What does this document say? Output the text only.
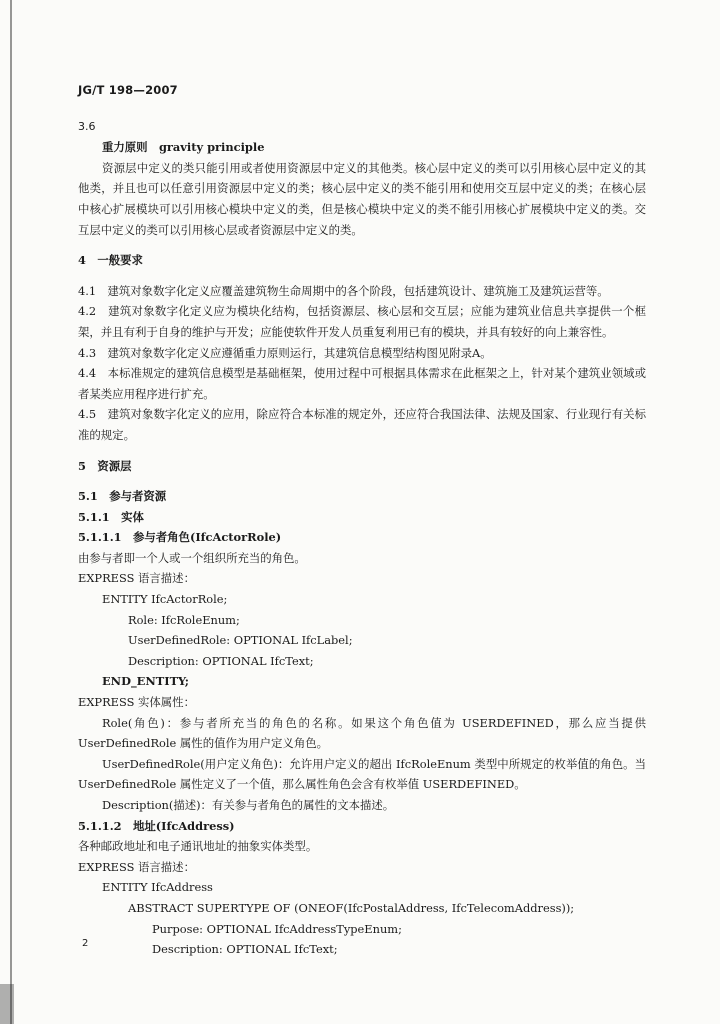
JG/T 198—2007

3.6

重力原则　gravity principle

资源层中定义的类只能引用或者使用资源层中定义的其他类。核心层中定义的类可以引用核心层中定义的其他类，并且也可以任意引用资源层中定义的类；核心层中定义的类不能引用和使用交互层中定义的类；在核心层中核心扩展模块可以引用核心模块中定义的类，但是核心模块中定义的类不能引用核心扩展模块中定义的类。交互层中定义的类可以引用核心层或者资源层中定义的类。

4　一般要求

4.1　建筑对象数字化定义应覆盖建筑物生命周期中的各个阶段，包括建筑设计、建筑施工及建筑运营等。

4.2　建筑对象数字化定义应为模块化结构，包括资源层、核心层和交互层；应能为建筑业信息共享提供一个框架，并且有利于自身的维护与开发；应能使软件开发人员重复利用已有的模块，并具有较好的向上兼容性。

4.3　建筑对象数字化定义应遵循重力原则运行，其建筑信息模型结构图见附录A。

4.4　本标准规定的建筑信息模型是基础框架，使用过程中可根据具体需求在此框架之上，针对某个建筑业领域或者某类应用程序进行扩充。

4.5　建筑对象数字化定义的应用，除应符合本标准的规定外，还应符合我国法律、法规及国家、行业现行有关标准的规定。

5　资源层

5.1　参与者资源

5.1.1　实体

5.1.1.1　参与者角色(IfcActorRole)

由参与者即一个人或一个组织所充当的角色。

EXPRESS 语言描述：

ENTITY IfcActorRole;

Role: IfcRoleEnum;

UserDefinedRole: OPTIONAL IfcLabel;

Description: OPTIONAL IfcText;

END_ENTITY;

EXPRESS 实体属性：

Role(角色)：参与者所充当的角色的名称。如果这个角色值为 USERDEFINED，那么应当提供 UserDefinedRole 属性的值作为用户定义角色。

UserDefinedRole(用户定义角色)：允许用户定义的超出 IfcRoleEnum 类型中所规定的枚举值的角色。当 UserDefinedRole 属性定义了一个值，那么属性角色会含有枚举值 USERDEFINED。

Description(描述)：有关参与者角色的属性的文本描述。

5.1.1.2　地址(IfcAddress)

各种邮政地址和电子通讯地址的抽象实体类型。

EXPRESS 语言描述：

ENTITY IfcAddress

ABSTRACT SUPERTYPE OF (ONEOF(IfcPostalAddress, IfcTelecomAddress));

Purpose: OPTIONAL IfcAddressTypeEnum;

Description: OPTIONAL IfcText;

2
